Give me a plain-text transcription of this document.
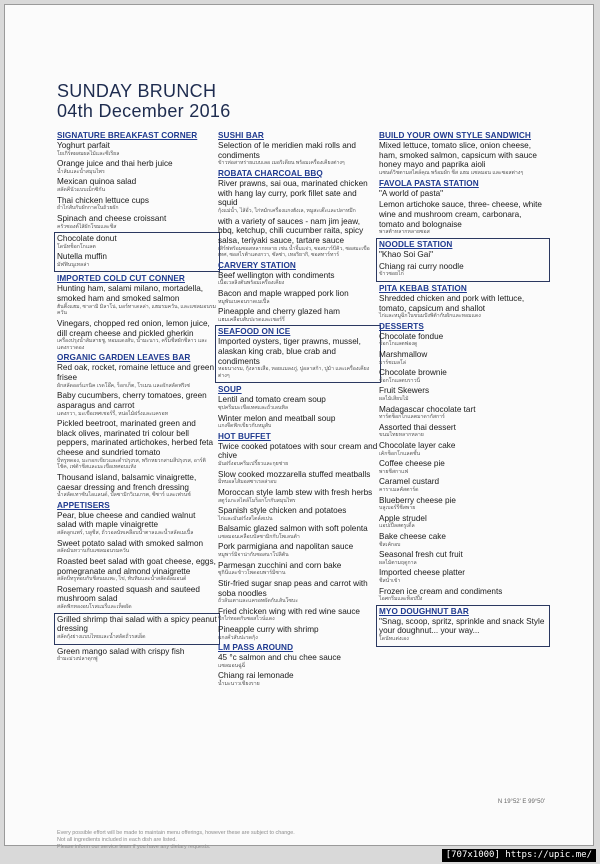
SUNDAY BRUNCH
04th December 2016
SIGNATURE BREAKFAST CORNER
Yoghurt parfait
โยเกิร์ตผสมผลไม้และซีเรียล
Orange juice and thai herb juice
น้ำส้มและน้ำสมุนไพร
Mexican quinoa salad
สลัดคีนัวแบบเม็กซิกัน
Thai chicken lettuce cups
ยำไก่สับกับผักกาดในถ้วยผัก
Spinach and cheese croissant
ครัวซองต์ไส้ผักโขมและชีส
Chocolate donut
โดนัทช็อกโกแลต
Nutella muffin
มัฟฟินนูเทลล่า
IMPORTED COLD CUT CONNER
Hunting ham, salami milano, mortadella, smoked ham and smoked salmon
ฮันติ้งแฮม, ซาลามิ มิลาโน่, มอร์ทาเดลล่า, แฮมรมควัน, และแซลมอนรมควัน
Vinegars, chopped red onion, lemon juice, dill cream cheese and pickled gherkin
เครื่องปรุงน้ำส้มสายชู, หอมแดงสับ, น้ำมะนาว, ครีมชีสผักชีลาว และแตงกวาดอง
ORGANIC GARDEN LEAVES BAR
Red oak, rocket, romaine lettuce and green frisee
ผักสลัดออร์แกนิค เรดโอ๊ค, ร็อกเก็ต, โรเมน และผักสลัดฟริเซ่
Baby cucumbers, cherry tomatoes, green asparagus and carrot
แตงกวา, มะเขือเทศเชอร์รี่, หน่อไม้ฝรั่งและแครอท
Pickled beetroot, marinated green and black olives, marinated tri colour bell peppers, marinated artichokes, herbed feta cheese and sundried tomato
บีทรูทดอง, มะกอกเขียวและดำปรุงรส, พริกหยวกสามสีปรุงรส, อาร์ติโช้ค, เฟต้าชีสและมะเขือเทศอบแห้ง
Thousand island, balsamic vinaigrette, caesar dressing and french dressing
น้ำสลัดเทาซันไอแลนด์, บัลซามิกวิเนเกรต, ซีซาร์ และเฟรนช์
APPETISERS
Pear, blue cheese and candied walnut salad with maple vinaigrette
สลัดลูกแพร์, บลูชีส, ถั่ววอลนัทเคลือบน้ำตาลและน้ำสลัดเมเปิ้ล
Sweet potato salad with smoked salmon
สลัดมันหวานกับแซลมอนรมควัน
Roasted beet salad with goat cheese, eggs, pomegranate and almond vinaigrette
สลัดบีทรูทอบกับชีสนมแพะ, ไข่, ทับทิมและน้ำสลัดอัลมอนด์
Rosemary roasted squash and sauteed mushroom salad
สลัดฟักทองอบโรสแมรี่และเห็ดผัด
Grilled shrimp thai salad with a spicy peanut dressing
สลัดกุ้งย่างแบบไทยและน้ำสลัดถั่วรสเผ็ด
Green mango salad with crispy fish
ยำมะม่วงปลาดุกฟู
SUSHI BAR
Selection of le meridien maki rolls and condiments
ข้าวห่อสาหร่ายแบบเลอ เมอริเดียน พร้อมเครื่องเคียงต่างๆ
ROBATA CHARCOAL BBQ
River prawns, sai oua, marinated chicken with hang lay curry, pork fillet sate and squid
กุ้งแม่น้ำ, ไส้อั่ว, ไก่หมักเครื่องแกงฮังเล, หมูสะเต๊ะและปลาหมึก
with a variety of sauces - nam jim jeaw, bbq, ketchup, chili cucumber raita, spicy salsa, teriyaki sauce, tartare sauce
เสิร์ฟพร้อมซอสหลากหลาย เช่น น้ำจิ้มแจ่ว, ซอสบาร์บีคิว, ซอสมะเขือเทศ, ซอสไรต้าแตงกวา, ซัลซ่า, เทอริยากิ, ซอสทาร์ทาร์
CARVERY STATION
Beef wellington with condiments
เนื้อเวลลิงตันพร้อมเครื่องเคียง
Bacon and maple wrapped pork lion
หมูพันเบคอนราดเมเปิ้ล
Pineapple and cherry glazed ham
แฮมเคลือบสับปะรดและเชอร์รี่
SEAFOOD ON ICE
Imported oysters, tiger prawns, mussel, alaskan king crab, blue crab and condiments
หอยนางรม, กุ้งลายเสือ, หอยแมลงภู่, ปูอลาสก้า, ปูม้า และเครื่องเคียงต่างๆ
SOUP
Lentil and tomato cream soup
ซุปครีมมะเขือเทศและถั่วเลนทิล
Winter melon and meatball soup
แกงจืดฟักเขียวกับหมูสับ
HOT BUFFET
Twice cooked potatoes with sour cream and chive
มันฝรั่งอบครีมเปรี้ยวและกุยช่าย
Slow cooked mozzarella stuffed meatballs
มีทบอลไส้มอสซาเรลล่าอบ
Moroccan style lamb stew with fresh herbs
สตูว์แกะสไตล์โมร็อกโกกับสมุนไพร
Spanish style chicken and potatoes
ไก่และมันฝรั่งสไตล์สเปน
Balsamic glazed salmon with soft polenta
แซลมอนเคลือบบัลซามิกกับโพเลนต้า
Pork parmigiana and napolitan sauce
หมูพาร์มิจาน่ากับซอสนาโปลิตัน
Parmesan zucchini and corn bake
ซูกินีและข้าวโพดอบพาร์มีซาน
Stir-fried sugar snap peas and carrot with soba noodles
ถั่วลันเตาและแครอทผัดกับเส้นโซบะ
Fried chicken wing with red wine sauce
ปีกไก่ทอดกับซอสไวน์แดง
Pineapple curry with shrimp
แกงคั่วสับปะรดกุ้ง
LM PASS AROUND
45 °c salmon and chu chee sauce
แซลมอนฉู่ฉี่
Chiang rai lemonade
น้ำมะนาวเชียงราย
BUILD YOUR OWN STYLE SANDWICH
Mixed lettuce, tomato slice, onion cheese, ham, smoked salmon, capsicum with sauce honey mayo and paprika aioli
แซนด์วิชตามสไตล์คุณ พร้อมผัก ชีส แฮม แซลมอน และซอสต่างๆ
FAVOLA PASTA STATION
"A world of pasta"
Lemon artichoke sauce, three- cheese, white wine and mushroom cream, carbonara, tomato and bolognaise
พาสต้าหลากหลายซอส
NOODLE STATION
"Khao Soi Gai"
Chiang rai curry noodle
ข้าวซอยไก่
PITA KEBAB STATION
Shredded chicken and pork with lettuce, tomato, capsicum and shallot
ไก่และหมูฉีกในขนมปังพิต้ากับผักและหอมแดง
DESSERTS
Chocolate fondue
ช็อกโกแลตฟองดู
Marshmallow
มาร์ชเมลโล่
Chocolate brownie
ช็อกโกแลตบราวนี่
Fruit Skewers
ผลไม้เสียบไม้
Madagascar chocolate tart
ทาร์ตช็อกโกแลตมาดากัสการ์
Assorted thai dessert
ขนมไทยหลากหลาย
Chocolate layer cake
เค้กช็อกโกแลตชั้น
Coffee cheese pie
พายชีสกาแฟ
Caramel custard
คาราเมลคัสตาร์ด
Blueberry cheese pie
บลูเบอร์รี่ชีสพาย
Apple strudel
แอปเปิ้ลสตรูเดิ้ล
Bake cheese cake
ชีสเค้กอบ
Seasonal fresh cut fruit
ผลไม้ตามฤดูกาล
Imported cheese platter
ชีสนำเข้า
Frozen ice cream and condiments
ไอศกรีมและท็อปปิ้ง
MYO DOUGHNUT BAR
"Snag, scoop, spritz, sprinkle and snack Style your doughnut... your way...
โดนัทแต่งเอง
N 19°52' E 99°50'
Every possible effort will be made to maintain menu offerings, however these are subject to change.
Not all ingredients included in each dish are listed.
Please inform our service team if you have any dietary requests.
[707x1000] https://upic.me/
